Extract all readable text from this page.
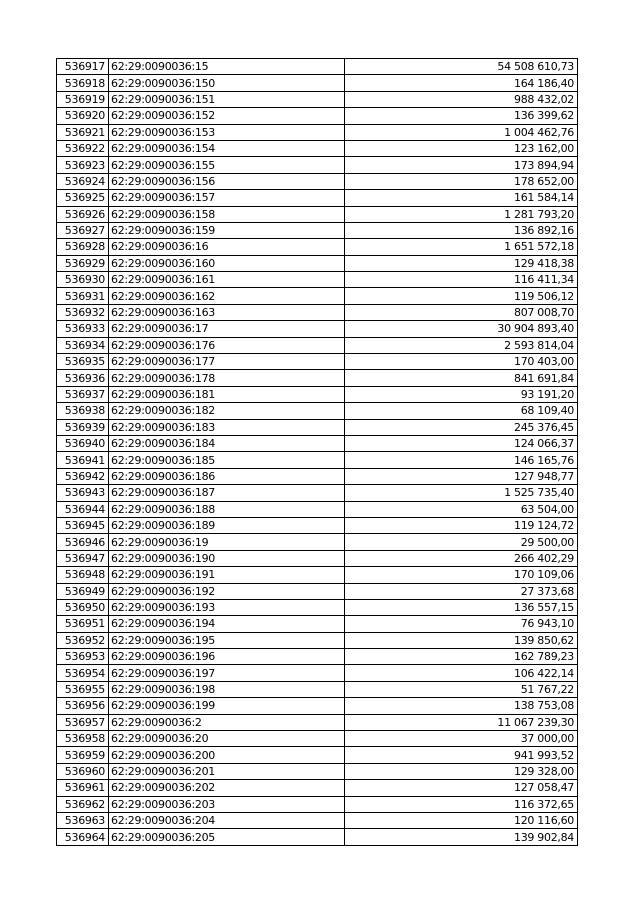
536917	62:29:0090036:15	54 508 610,73
536918	62:29:0090036:150	164 186,40
536919	62:29:0090036:151	988 432,02
536920	62:29:0090036:152	136 399,62
536921	62:29:0090036:153	1 004 462,76
536922	62:29:0090036:154	123 162,00
536923	62:29:0090036:155	173 894,94
536924	62:29:0090036:156	178 652,00
536925	62:29:0090036:157	161 584,14
536926	62:29:0090036:158	1 281 793,20
536927	62:29:0090036:159	136 892,16
536928	62:29:0090036:16	1 651 572,18
536929	62:29:0090036:160	129 418,38
536930	62:29:0090036:161	116 411,34
536931	62:29:0090036:162	119 506,12
536932	62:29:0090036:163	807 008,70
536933	62:29:0090036:17	30 904 893,40
536934	62:29:0090036:176	2 593 814,04
536935	62:29:0090036:177	170 403,00
536936	62:29:0090036:178	841 691,84
536937	62:29:0090036:181	93 191,20
536938	62:29:0090036:182	68 109,40
536939	62:29:0090036:183	245 376,45
536940	62:29:0090036:184	124 066,37
536941	62:29:0090036:185	146 165,76
536942	62:29:0090036:186	127 948,77
536943	62:29:0090036:187	1 525 735,40
536944	62:29:0090036:188	63 504,00
536945	62:29:0090036:189	119 124,72
536946	62:29:0090036:19	29 500,00
536947	62:29:0090036:190	266 402,29
536948	62:29:0090036:191	170 109,06
536949	62:29:0090036:192	27 373,68
536950	62:29:0090036:193	136 557,15
536951	62:29:0090036:194	76 943,10
536952	62:29:0090036:195	139 850,62
536953	62:29:0090036:196	162 789,23
536954	62:29:0090036:197	106 422,14
536955	62:29:0090036:198	51 767,22
536956	62:29:0090036:199	138 753,08
536957	62:29:0090036:2	11 067 239,30
536958	62:29:0090036:20	37 000,00
536959	62:29:0090036:200	941 993,52
536960	62:29:0090036:201	129 328,00
536961	62:29:0090036:202	127 058,47
536962	62:29:0090036:203	116 372,65
536963	62:29:0090036:204	120 116,60
536964	62:29:0090036:205	139 902,84
